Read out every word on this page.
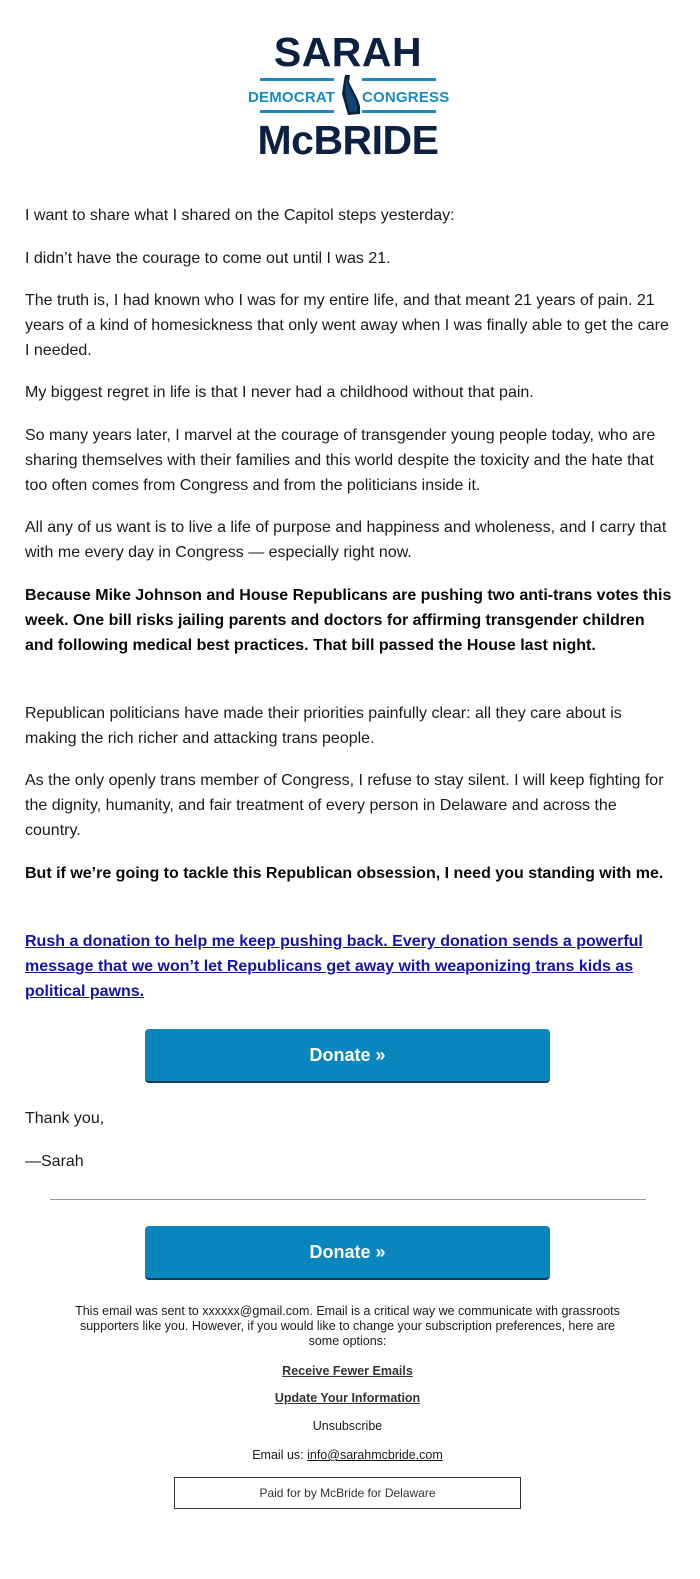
SARAH
DEMOCRAT CONGRESS
McBRIDE

I want to share what I shared on the Capitol steps yesterday:

I didn’t have the courage to come out until I was 21.

The truth is, I had known who I was for my entire life, and that meant 21 years of pain. 21 years of a kind of homesickness that only went away when I was finally able to get the care I needed.

My biggest regret in life is that I never had a childhood without that pain.

So many years later, I marvel at the courage of transgender young people today, who are sharing themselves with their families and this world despite the toxicity and the hate that too often comes from Congress and from the politicians inside it.

All any of us want is to live a life of purpose and happiness and wholeness, and I carry that with me every day in Congress — especially right now.

Because Mike Johnson and House Republicans are pushing two anti-trans votes this week. One bill risks jailing parents and doctors for affirming transgender children and following medical best practices. That bill passed the House last night.

Republican politicians have made their priorities painfully clear: all they care about is making the rich richer and attacking trans people.

As the only openly trans member of Congress, I refuse to stay silent. I will keep fighting for the dignity, humanity, and fair treatment of every person in Delaware and across the country.

But if we’re going to tackle this Republican obsession, I need you standing with me.

Rush a donation to help me keep pushing back. Every donation sends a powerful message that we won’t let Republicans get away with weaponizing trans kids as political pawns.

Donate »

Thank you,

—Sarah

Donate »
This email was sent to xxxxxx@gmail.com. Email is a critical way we communicate with grassroots supporters like you. However, if you would like to change your subscription preferences, here are some options:
Receive Fewer Emails
Update Your Information
Unsubscribe
Email us: info@sarahmcbride.com
Paid for by McBride for Delaware
